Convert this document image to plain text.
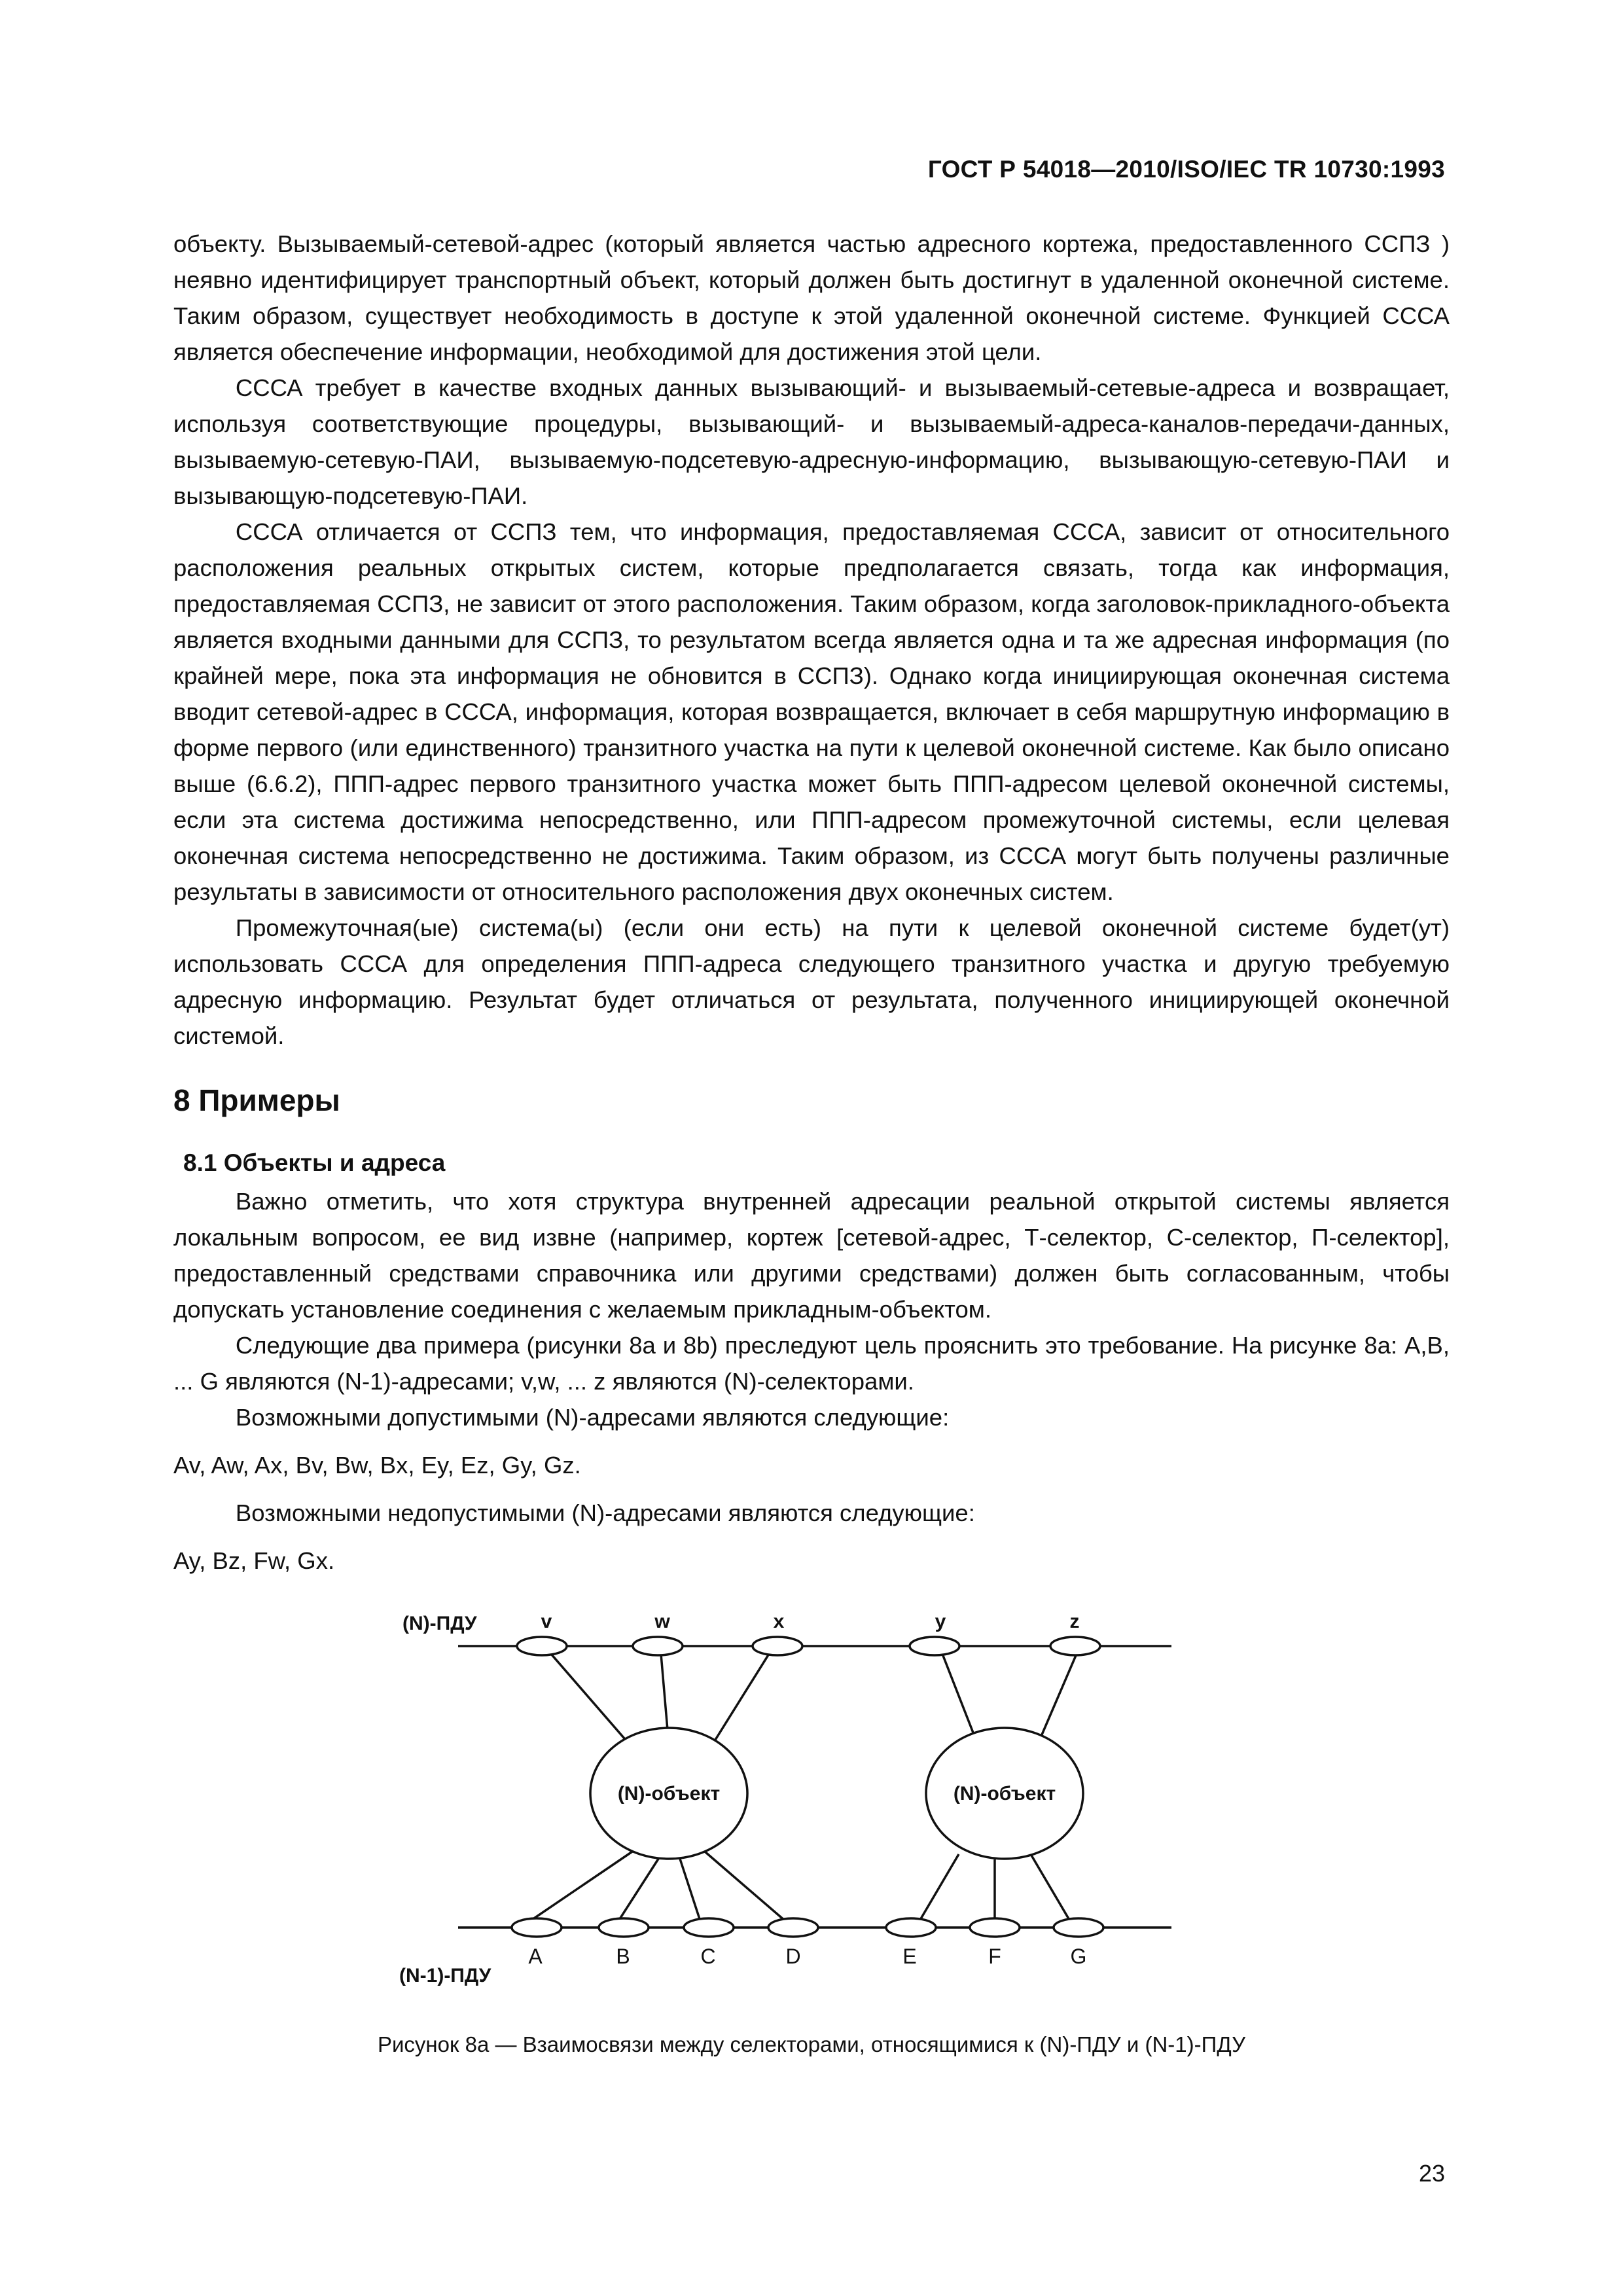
ГОСТ Р 54018—2010/ISO/IEC TR 10730:1993

объекту. Вызываемый-сетевой-адрес (который является частью адресного кортежа, предоставленного ССПЗ ) неявно идентифицирует транспортный объект, который должен быть достигнут в удаленной оконечной системе. Таким образом, существует необходимость в доступе к этой удаленной оконечной системе. Функцией СССА является обеспечение информации, необходимой для достижения этой цели.

СССА требует в качестве входных данных вызывающий- и вызываемый-сетевые-адреса и возвращает, используя соответствующие процедуры, вызывающий- и вызываемый-адреса-каналов-передачи-данных, вызываемую-сетевую-ПАИ, вызываемую-подсетевую-адресную-информацию, вызывающую-сетевую-ПАИ и вызывающую-подсетевую-ПАИ.

СССА отличается от ССПЗ тем, что информация, предоставляемая СССА, зависит от относительного расположения реальных открытых систем, которые предполагается связать, тогда как информация, предоставляемая ССПЗ, не зависит от этого расположения. Таким образом, когда заголовок-прикладного-объекта является входными данными для ССПЗ, то результатом всегда является одна и та же адресная информация (по крайней мере, пока эта информация не обновится в ССПЗ). Однако когда инициирующая оконечная система вводит сетевой-адрес в СССА, информация, которая возвращается, включает в себя маршрутную информацию в форме первого (или единственного) транзитного участка на пути к целевой оконечной системе. Как было описано выше (6.6.2), ППП-адрес первого транзитного участка может быть ППП-адресом целевой оконечной системы, если эта система достижима непосредственно, или ППП-адресом промежуточной системы, если целевая оконечная система непосредственно не достижима. Таким образом, из СССА могут быть получены различные результаты в зависимости от относительного расположения двух оконечных систем.

Промежуточная(ые) система(ы) (если они есть) на пути к целевой оконечной системе будет(ут) использовать СССА для определения ППП-адреса следующего транзитного участка и другую требуемую адресную информацию. Результат будет отличаться от результата, полученного инициирующей оконечной системой.

8 Примеры
8.1 Объекты и адреса

Важно отметить, что хотя структура внутренней адресации реальной открытой системы является локальным вопросом, ее вид извне (например, кортеж [сетевой-адрес, Т-селектор, С-селектор, П-селектор], предоставленный средствами справочника или другими средствами) должен быть согласованным, чтобы допускать установление соединения с желаемым прикладным-объектом.

Следующие два примера (рисунки 8а и 8b) преследуют цель прояснить это требование. На рисунке 8а: A,B, ... G являются (N-1)-адресами; v,w, ... z являются (N)-селекторами.

Возможными допустимыми (N)-адресами являются следующие:

Av, Aw, Ax, Bv, Bw, Bx, Ey, Ez, Gy, Gz.

Возможными недопустимыми (N)-адресами являются следующие:

Ay, Bz, Fw, Gx.

(N)-ПДУ
(N-1)-ПДУ
v	w	x	y	z
(N)-объект	(N)-объект
A	B	C	D	E	F	G
Рисунок 8а — Взаимосвязи между селекторами, относящимися к (N)-ПДУ и (N-1)-ПДУ
23
